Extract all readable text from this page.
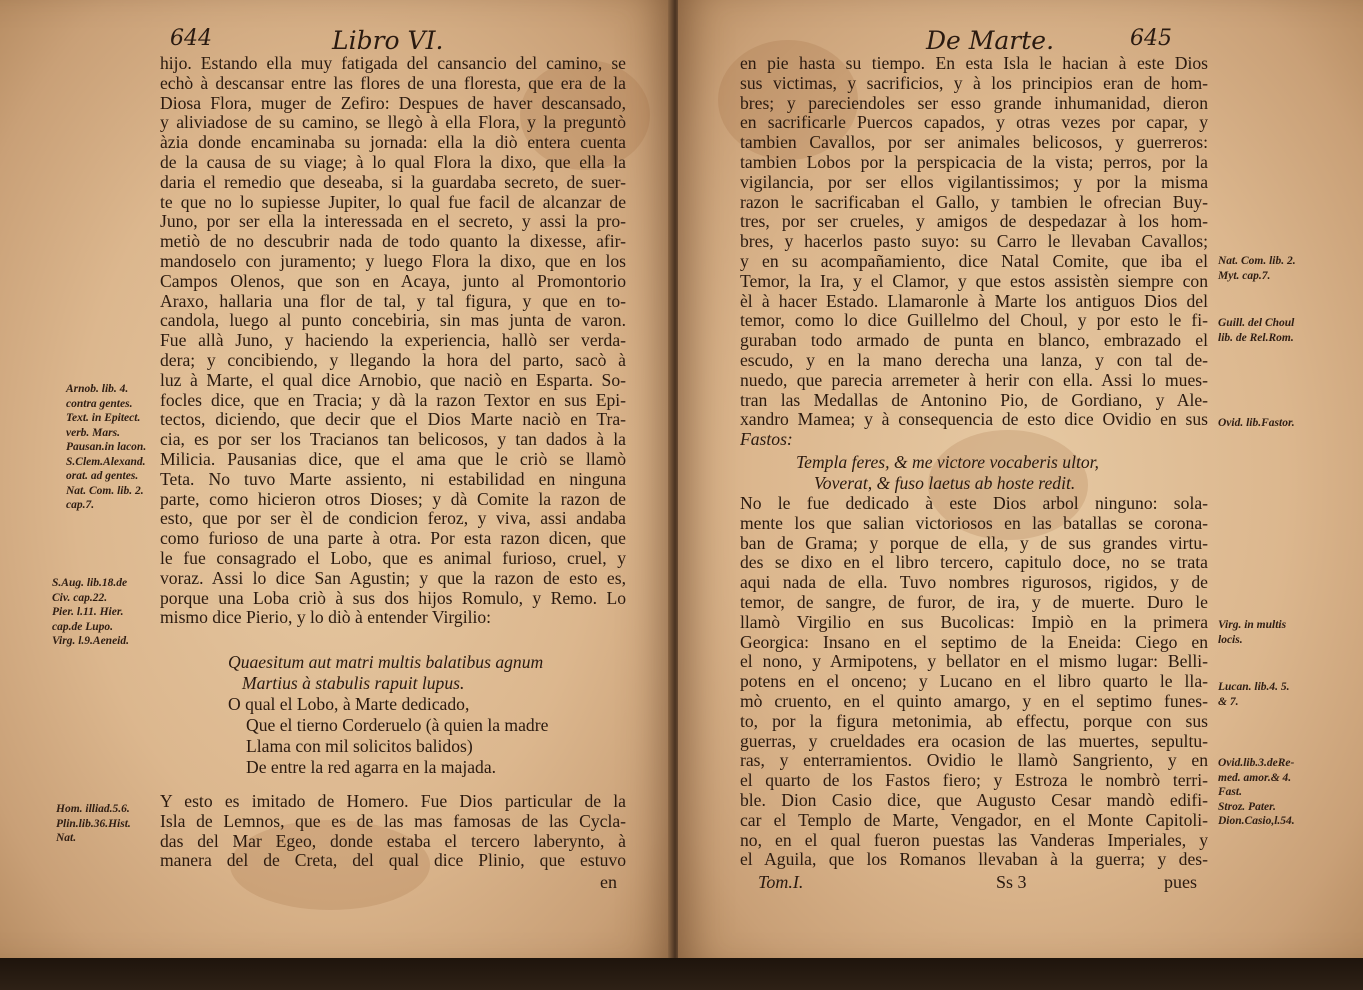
644	Libro VI.
hijo. Estando ella muy fatigada del cansancio del camino, se
echò à descansar entre las flores de una floresta, que era de la
Diosa Flora, muger de Zefiro: Despues de haver descansado,
y aliviadose de su camino, se llegò à ella Flora, y la preguntò
àzia donde encaminaba su jornada: ella la diò entera cuenta
de la causa de su viage; à lo qual Flora la dixo, que ella la
daria el remedio que deseaba, si la guardaba secreto, de suer-
te que no lo supiesse Jupiter, lo qual fue facil de alcanzar de
Juno, por ser ella la interessada en el secreto, y assi la pro-
metiò de no descubrir nada de todo quanto la dixesse, afir-
mandoselo con juramento; y luego Flora la dixo, que en los
Campos Olenos, que son en Acaya, junto al Promontorio
Araxo, hallaria una flor de tal, y tal figura, y que en to-
candola, luego al punto concebiria, sin mas junta de varon.
Fue allà Juno, y haciendo la experiencia, hallò ser verda-
dera; y concibiendo, y llegando la hora del parto, sacò à
luz à Marte, el qual dice Arnobio, que naciò en Esparta. So-
focles dice, que en Tracia; y dà la razon Textor en sus Epi-
tectos, diciendo, que decir que el Dios Marte naciò en Tra-
cia, es por ser los Tracianos tan belicosos, y tan dados à la
Milicia. Pausanias dice, que el ama que le criò se llamò
Teta. No tuvo Marte assiento, ni estabilidad en ninguna
parte, como hicieron otros Dioses; y dà Comite la razon de
esto, que por ser èl de condicion feroz, y viva, assi andaba
como furioso de una parte à otra. Por esta razon dicen, que
le fue consagrado el Lobo, que es animal furioso, cruel, y
voraz. Assi lo dice San Agustin; y que la razon de esto es,
porque una Loba criò à sus dos hijos Romulo, y Remo. Lo
mismo dice Pierio, y lo diò à entender Virgilio:
Quaesitum aut matri multis balatibus agnum
Martius à stabulis rapuit lupus.
O qual el Lobo, à Marte dedicado,
Que el tierno Corderuelo (à quien la madre
Llama con mil solicitos balidos)
De entre la red agarra en la majada.
Y esto es imitado de Homero. Fue Dios particular de la
Isla de Lemnos, que es de las mas famosas de las Cycla-
das del Mar Egeo, donde estaba el tercero laberynto, à
manera del de Creta, del qual dice Plinio, que estuvo
en
Arnob. lib. 4.
contra gentes.
Text. in Epitect.
verb. Mars.
Pausan.in lacon.
S.Clem.Alexand.
orat. ad gentes.
Nat. Com. lib. 2.
cap.7.
S.Aug. lib.18.de
Civ. cap.22.
Pier. l.11. Hier.
cap.de Lupo.
Virg. l.9.Aeneid.
Hom. illiad.5.6.
Plin.lib.36.Hist.
Nat.
De Marte.	645
en pie hasta su tiempo. En esta Isla le hacian à este Dios
sus victimas, y sacrificios, y à los principios eran de hom-
bres; y pareciendoles ser esso grande inhumanidad, dieron
en sacrificarle Puercos capados, y otras vezes por capar, y
tambien Cavallos, por ser animales belicosos, y guerreros:
tambien Lobos por la perspicacia de la vista; perros, por la
vigilancia, por ser ellos vigilantissimos; y por la misma
razon le sacrificaban el Gallo, y tambien le ofrecian Buy-
tres, por ser crueles, y amigos de despedazar à los hom-
bres, y hacerlos pasto suyo: su Carro le llevaban Cavallos;
y en su acompañamiento, dice Natal Comite, que iba el
Temor, la Ira, y el Clamor, y que estos assistèn siempre con
èl à hacer Estado. Llamaronle à Marte los antiguos Dios del
temor, como lo dice Guillelmo del Choul, y por esto le fi-
guraban todo armado de punta en blanco, embrazado el
escudo, y en la mano derecha una lanza, y con tal de-
nuedo, que parecia arremeter à herir con ella. Assi lo mues-
tran las Medallas de Antonino Pio, de Gordiano, y Ale-
xandro Mamea; y à consequencia de esto dice Ovidio en sus
Fastos:
Templa feres, & me victore vocaberis ultor,
Voverat, & fuso laetus ab hoste redit.
No le fue dedicado à este Dios arbol ninguno: sola-
mente los que salian victoriosos en las batallas se corona-
ban de Grama; y porque de ella, y de sus grandes virtu-
des se dixo en el libro tercero, capitulo doce, no se trata
aqui nada de ella. Tuvo nombres rigurosos, rigidos, y de
temor, de sangre, de furor, de ira, y de muerte. Duro le
llamò Virgilio en sus Bucolicas: Impiò en la primera
Georgica: Insano en el septimo de la Eneida: Ciego en
el nono, y Armipotens, y bellator en el mismo lugar: Belli-
potens en el onceno; y Lucano en el libro quarto le lla-
mò cruento, en el quinto amargo, y en el septimo funes-
to, por la figura metonimia, ab effectu, porque con sus
guerras, y crueldades era ocasion de las muertes, sepultu-
ras, y enterramientos. Ovidio le llamò Sangriento, y en
el quarto de los Fastos fiero; y Estroza le nombrò terri-
ble. Dion Casio dice, que Augusto Cesar mandò edifi-
car el Templo de Marte, Vengador, en el Monte Capitoli-
no, en el qual fueron puestas las Vanderas Imperiales, y
el Aguila, que los Romanos llevaban à la guerra; y des-
Tom.I.	Ss 3	pues
Nat. Com. lib. 2.
Myt. cap.7.
Guill. del Choul
lib. de Rel.Rom.
Ovid. lib.Fastor.
Virg. in multis
locis.
Lucan. lib.4. 5.
& 7.
Ovid.lib.3.deRe-
med. amor.& 4.
Fast.
Stroz. Pater.
Dion.Casio,l.54.
